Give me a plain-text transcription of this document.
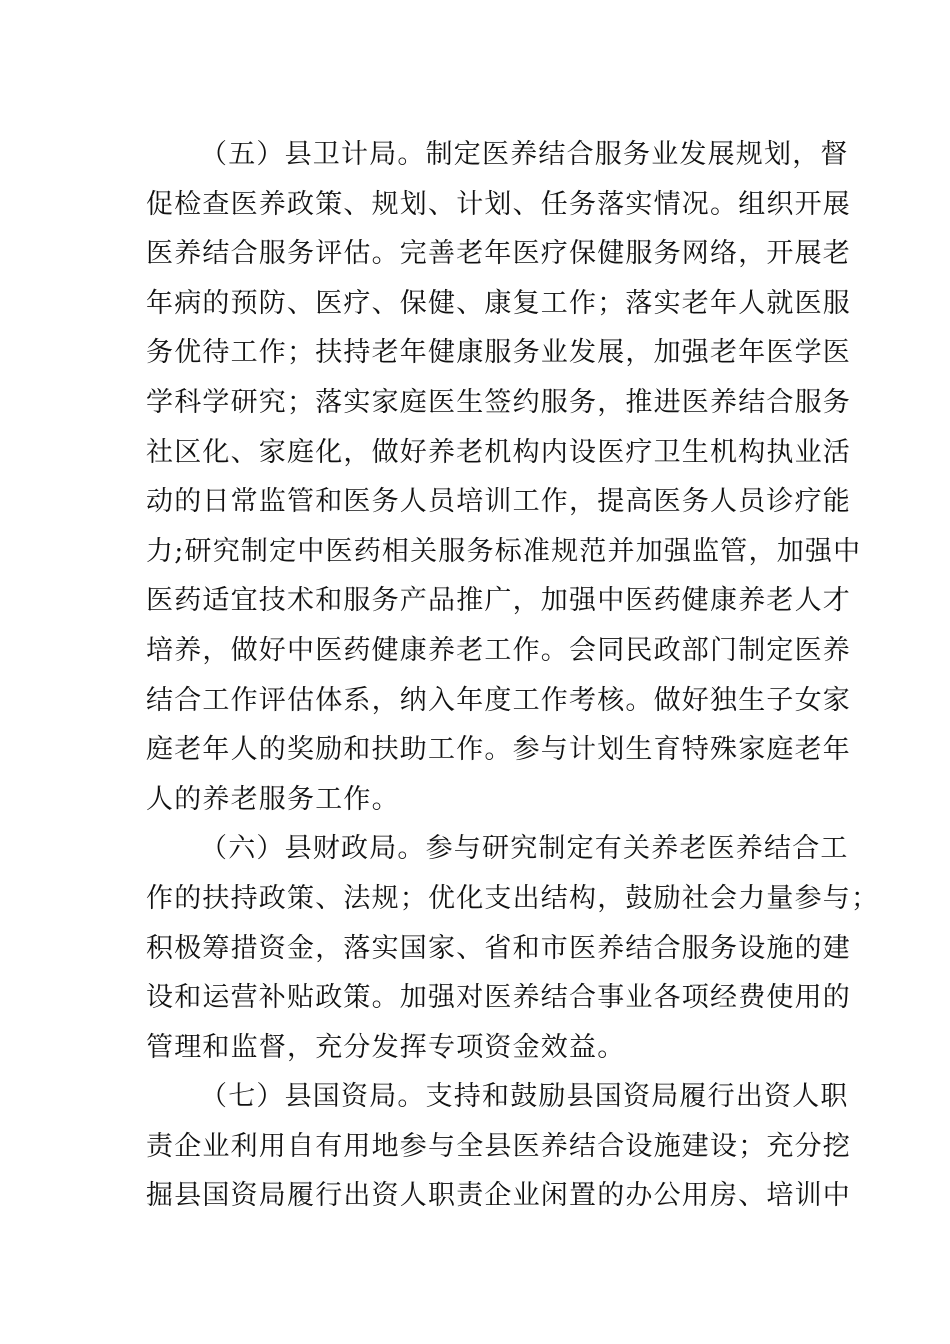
（五）县卫计局。制定医养结合服务业发展规划，督
促检查医养政策、规划、计划、任务落实情况。组织开展
医养结合服务评估。完善老年医疗保健服务网络，开展老
年病的预防、医疗、保健、康复工作；落实老年人就医服
务优待工作；扶持老年健康服务业发展，加强老年医学医
学科学研究；落实家庭医生签约服务，推进医养结合服务
社区化、家庭化，做好养老机构内设医疗卫生机构执业活
动的日常监管和医务人员培训工作，提高医务人员诊疗能
力;研究制定中医药相关服务标准规范并加强监管，加强中
医药适宜技术和服务产品推广，加强中医药健康养老人才
培养，做好中医药健康养老工作。会同民政部门制定医养
结合工作评估体系，纳入年度工作考核。做好独生子女家
庭老年人的奖励和扶助工作。参与计划生育特殊家庭老年
人的养老服务工作。
（六）县财政局。参与研究制定有关养老医养结合工
作的扶持政策、法规；优化支出结构，鼓励社会力量参与；
积极筹措资金，落实国家、省和市医养结合服务设施的建
设和运营补贴政策。加强对医养结合事业各项经费使用的
管理和监督，充分发挥专项资金效益。
（七）县国资局。支持和鼓励县国资局履行出资人职
责企业利用自有用地参与全县医养结合设施建设；充分挖
掘县国资局履行出资人职责企业闲置的办公用房、培训中
